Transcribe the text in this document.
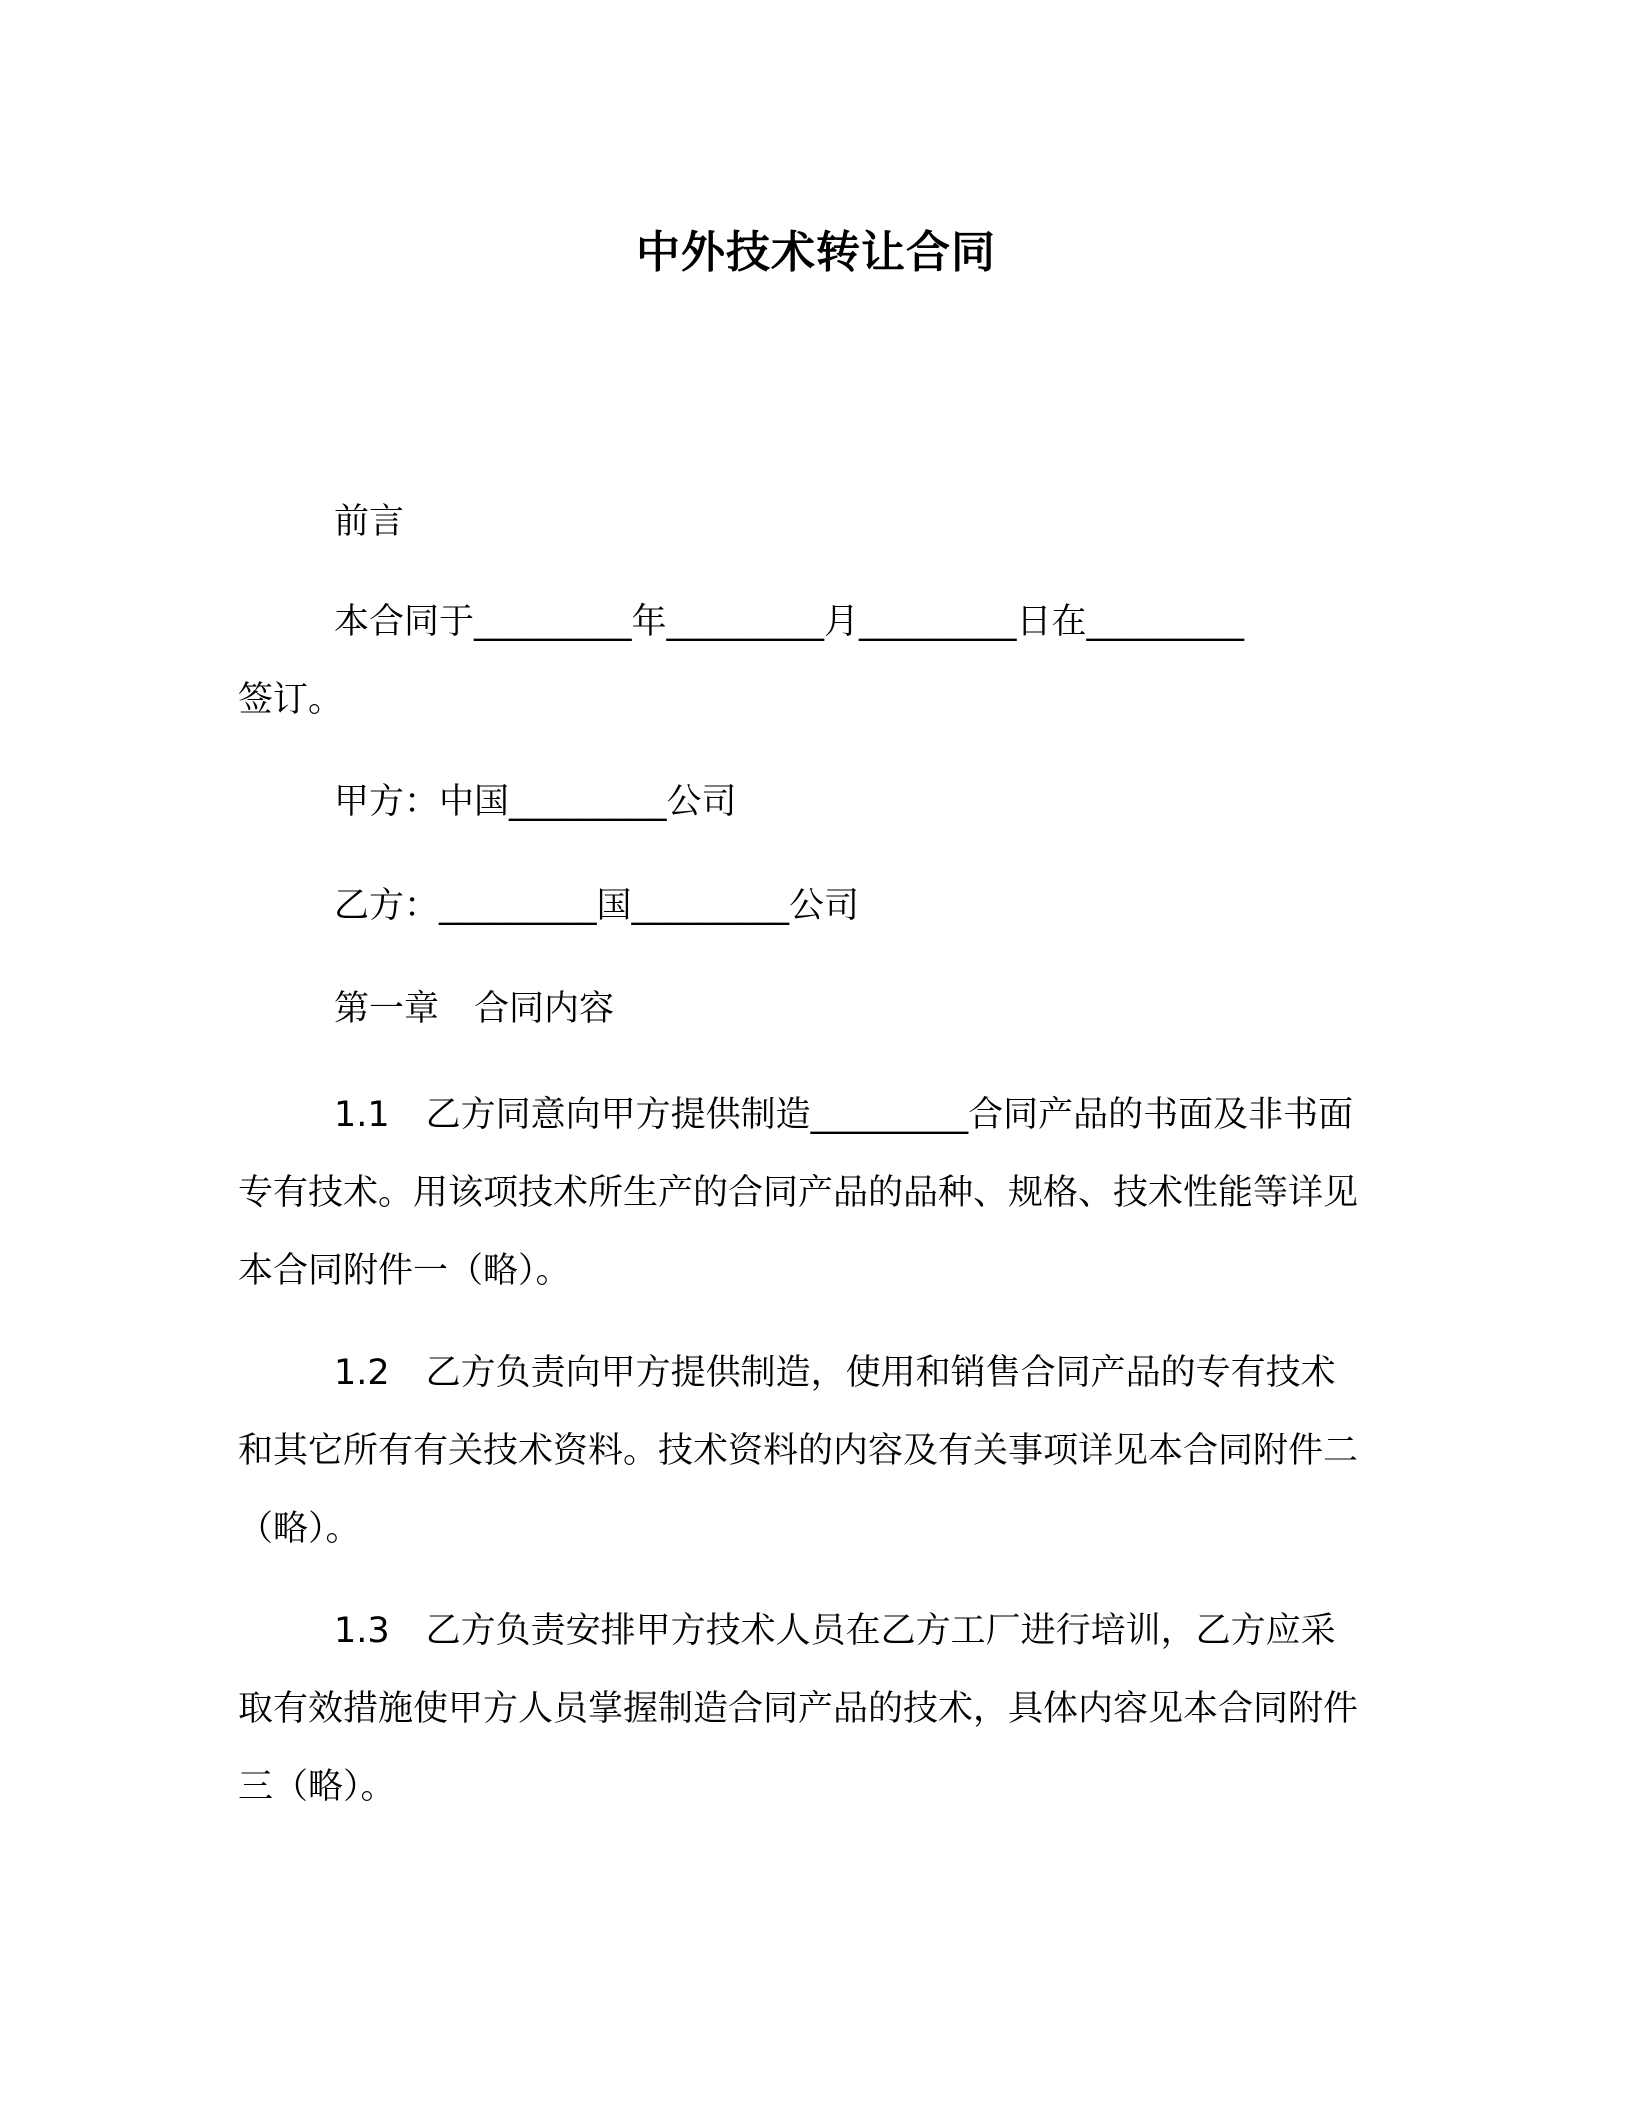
中外技术转让合同
前言
本合同于_________年_________月_________日在_________
签订。
甲方：中国_________公司
乙方：_________国_________公司
第一章　合同内容
1.1 乙方同意向甲方提供制造_________合同产品的书面及非书面专有技术。用该项技术所生产的合同产品的品种、规格、技术性能等详见本合同附件一（略）。
1.2 乙方负责向甲方提供制造，使用和销售合同产品的专有技术和其它所有有关技术资料。技术资料的内容及有关事项详见本合同附件二（略）。
1.3 乙方负责安排甲方技术人员在乙方工厂进行培训，乙方应采取有效措施使甲方人员掌握制造合同产品的技术，具体内容见本合同附件三（略）。
